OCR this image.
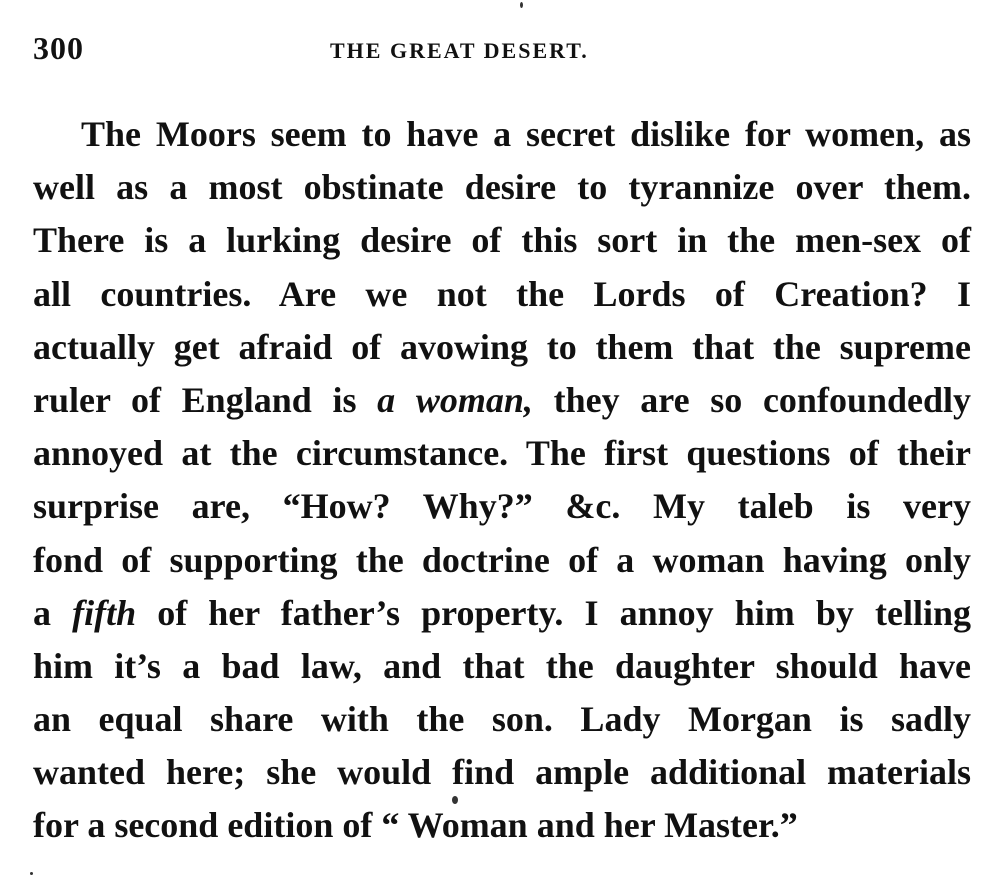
300	THE GREAT DESERT.
The Moors seem to have a secret dislike for women, as
well as a most obstinate desire to tyrannize over them.
There is a lurking desire of this sort in the men-sex of
all countries. Are we not the Lords of Creation? I
actually get afraid of avowing to them that the supreme
ruler of England is a woman, they are so confoundedly
annoyed at the circumstance. The first questions of their
surprise are, “How? Why?” &c. My taleb is very
fond of supporting the doctrine of a woman having only
a fifth of her father’s property. I annoy him by telling
him it’s a bad law, and that the daughter should have
an equal share with the son. Lady Morgan is sadly
wanted here; she would find ample additional materials
for a second edition of “ Woman and her Master.”
